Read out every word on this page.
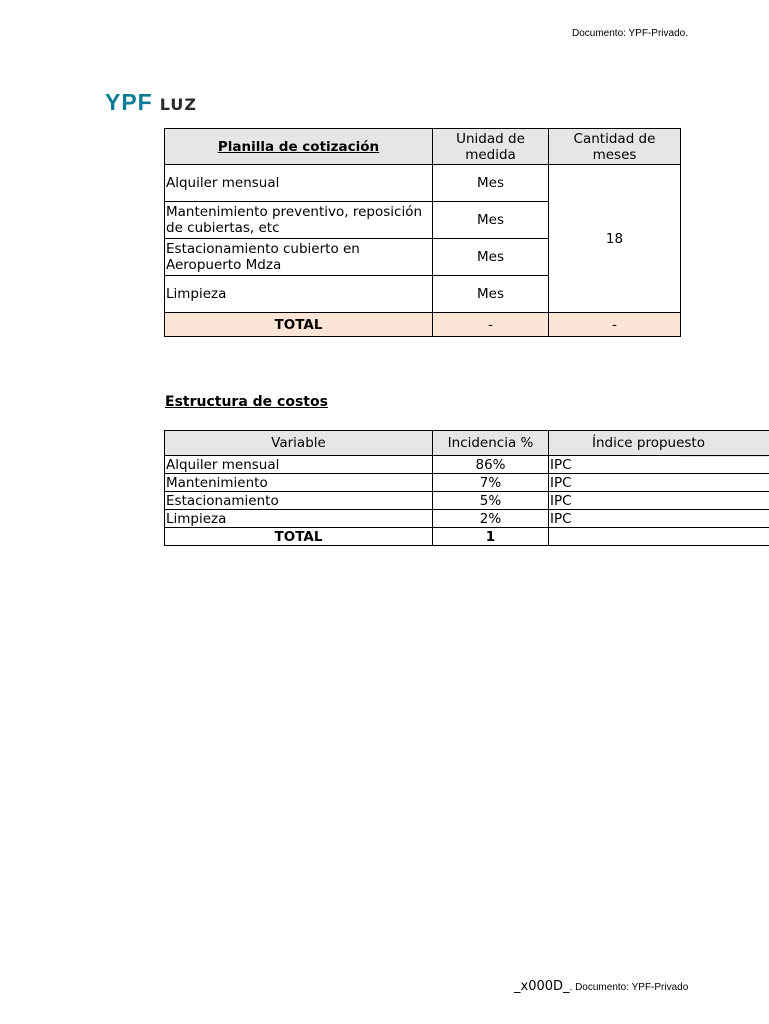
Documento: YPF-Privado.
YPF LUZ
Planilla de cotización	Unidad de medida	Cantidad de meses
Alquiler mensual	Mes	18
Mantenimiento preventivo, reposición de cubiertas, etc	Mes	
Estacionamiento cubierto en Aeropuerto Mdza	Mes	
Limpieza	Mes	
TOTAL	-	-
Estructura de costos
Variable	Incidencia %	Índice propuesto
Alquiler mensual	86%	IPC
Mantenimiento	7%	IPC
Estacionamiento	5%	IPC
Limpieza	2%	IPC
TOTAL	1	
_x000D_ . Documento: YPF-Privado
